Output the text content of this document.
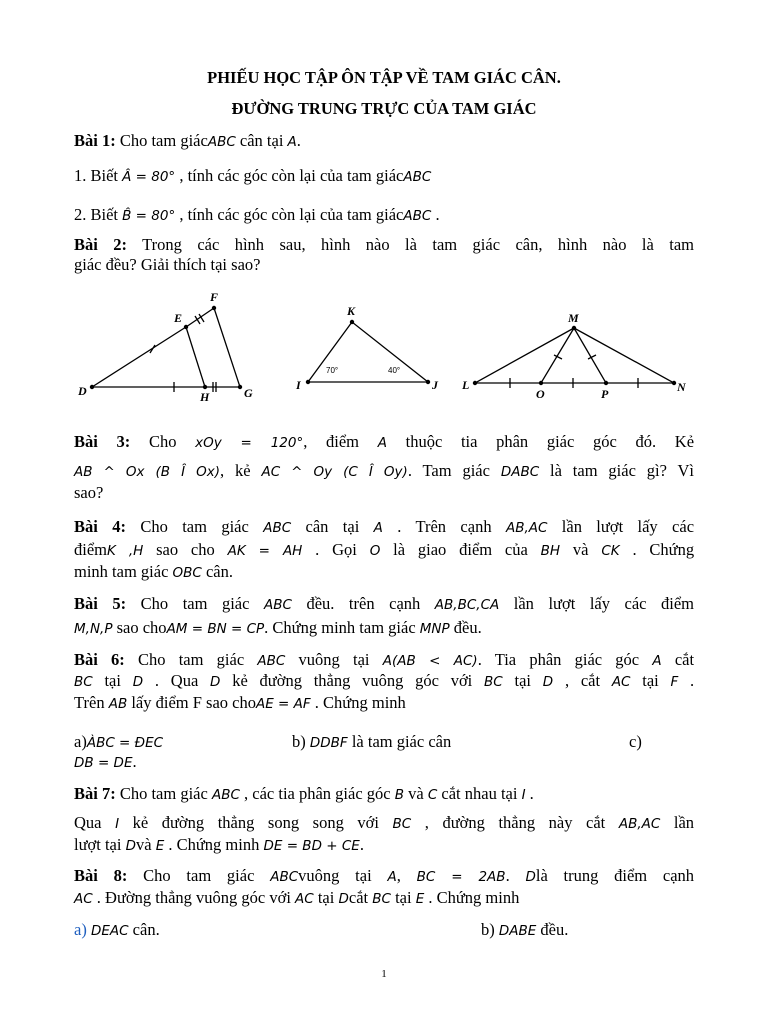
PHIẾU HỌC TẬP ÔN TẬP VỀ TAM GIÁC CÂN.
ĐƯỜNG TRUNG TRỰC CỦA TAM GIÁC
Bài 1: Cho tam giácABC cân tại A.
1. Biết Â = 80° , tính các góc còn lại của tam giácABC
2. Biết B̂ = 80° , tính các góc còn lại của tam giácABC .
Bài 2: Trong các hình sau, hình nào là tam giác cân, hình nào là tam
giác đều? Giải thích tại sao?
D
E
F
G
H
K
I	J
70°	40°
M
L	N
O	P
Bài 3: Cho xOy = 120°, điểm A thuộc tia phân giác góc đó. Kẻ
AB ^ Ox (B Î Ox), kẻ AC ^ Oy (C Î Oy). Tam giác DABC là tam giác gì? Vì
sao?
Bài 4: Cho tam giác ABC cân tại A . Trên cạnh AB,AC lần lượt lấy các
điểmK ,H sao cho AK = AH . Gọi O là giao điểm của BH và CK . Chứng
minh tam giác OBC cân.
Bài 5: Cho tam giác ABC đều. trên cạnh AB,BC,CA lần lượt lấy các điểm
M,N,P sao choAM = BN = CP. Chứng minh tam giác MNP đều.
Bài 6: Cho tam giác ABC vuông tại A(AB < AC). Tia phân giác góc A cắt
BC tại D . Qua D kẻ đường thẳng vuông góc với BC tại D , cắt AC tại F .
Trên AB lấy điểm F sao choAE = AF . Chứng minh
a)ÀBC = ĐEC	b) DDBF là tam giác cân	c)
DB = DE.
Bài 7: Cho tam giác ABC , các tia phân giác góc B và C cắt nhau tại I .
Qua I kẻ đường thẳng song song với BC , đường thẳng này cắt AB,AC lần
lượt tại Dvà E . Chứng minh DE = BD + CE.
Bài 8: Cho tam giác ABCvuông tại A, BC = 2AB. Dlà trung điểm cạnh
AC . Đường thẳng vuông góc với AC tại Dcắt BC tại E . Chứng minh
a) DEAC cân.	b) DABE đều.
1
